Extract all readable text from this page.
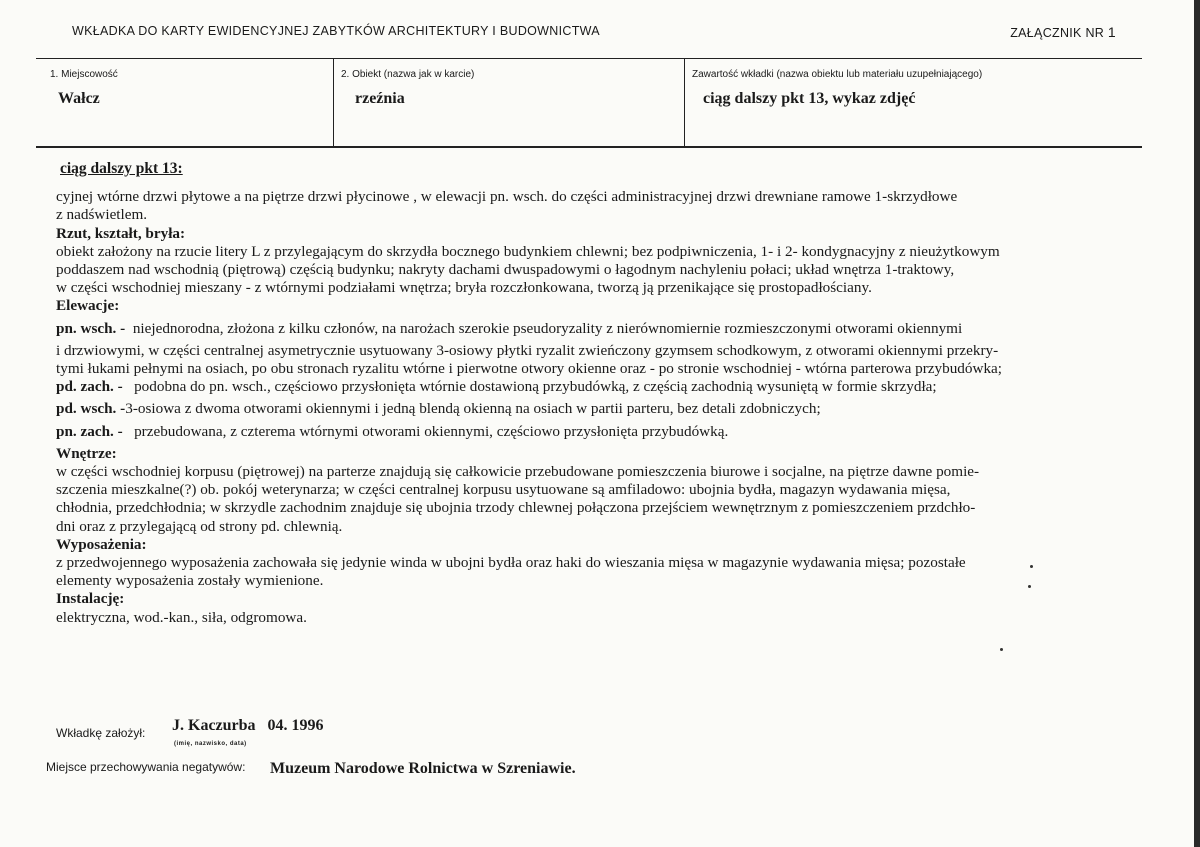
WKŁADKA DO KARTY EWIDENCYJNEJ ZABYTKÓW ARCHITEKTURY I BUDOWNICTWA	ZAŁĄCZNIK NR 1
1. Miejscowość
Wałcz
2. Obiekt (nazwa jak w karcie)
rzeźnia
Zawartość wkładki (nazwa obiektu lub materiału uzupełniającego)
ciąg dalszy pkt 13, wykaz zdjęć

ciąg dalszy pkt 13:

cyjnej wtórne drzwi płytowe a na piętrze drzwi płycinowe , w elewacji pn. wsch. do części administracyjnej drzwi drewniane ramowe 1-skrzydłowe

z nadświetlem.

Rzut, kształt, bryła:

obiekt założony na rzucie litery L z przylegającym do skrzydła bocznego budynkiem chlewni; bez podpiwniczenia, 1- i 2- kondygnacyjny z nieużytkowym

poddaszem nad wschodnią (piętrową) częścią budynku; nakryty dachami dwuspadowymi o łagodnym nachyleniu połaci; układ wnętrza 1-traktowy,

w części wschodniej mieszany - z wtórnymi podziałami wnętrza; bryła rozczłonkowana, tworzą ją przenikające się prostopadłościany.

Elewacje:

pn. wsch. - niejednorodna, złożona z kilku członów, na narożach szerokie pseudoryzality z nierównomiernie rozmieszczonymi otworami okiennymi

i drzwiowymi, w części centralnej asymetrycznie usytuowany 3-osiowy płytki ryzalit zwieńczony gzymsem schodkowym, z otworami okiennymi przekry-

tymi łukami pełnymi na osiach, po obu stronach ryzalitu wtórne i pierwotne otwory okienne oraz - po stronie wschodniej - wtórna parterowa przybudówka;

pd. zach. - podobna do pn. wsch., częściowo przysłonięta wtórnie dostawioną przybudówką, z częścią zachodnią wysuniętą w formie skrzydła;

pd. wsch. -3-osiowa z dwoma otworami okiennymi i jedną blendą okienną na osiach w partii parteru, bez detali zdobniczych;

pn. zach. - przebudowana, z czterema wtórnymi otworami okiennymi, częściowo przysłonięta przybudówką.

Wnętrze:

w części wschodniej korpusu (piętrowej) na parterze znajdują się całkowicie przebudowane pomieszczenia biurowe i socjalne, na piętrze dawne pomie-

szczenia mieszkalne(?) ob. pokój weterynarza; w części centralnej korpusu usytuowane są amfiladowo: ubojnia bydła, magazyn wydawania mięsa,

chłodnia, przedchłodnia; w skrzydle zachodnim znajduje się ubojnia trzody chlewnej połączona przejściem wewnętrznym z pomieszczeniem przdchło-

dni oraz z przylegającą od strony pd. chlewnią.

Wyposażenia:

z przedwojennego wyposażenia zachowała się jedynie winda w ubojni bydła oraz haki do wieszania mięsa w magazynie wydawania mięsa; pozostałe

elementy wyposażenia zostały wymienione.

Instalację:

elektryczna, wod.-kan., siła, odgromowa.

Wkładkę założył: J. Kaczurba   04. 1996
(imię, nazwisko, data)
Miejsce przechowywania negatywów: Muzeum Narodowe Rolnictwa w Szreniawie.
